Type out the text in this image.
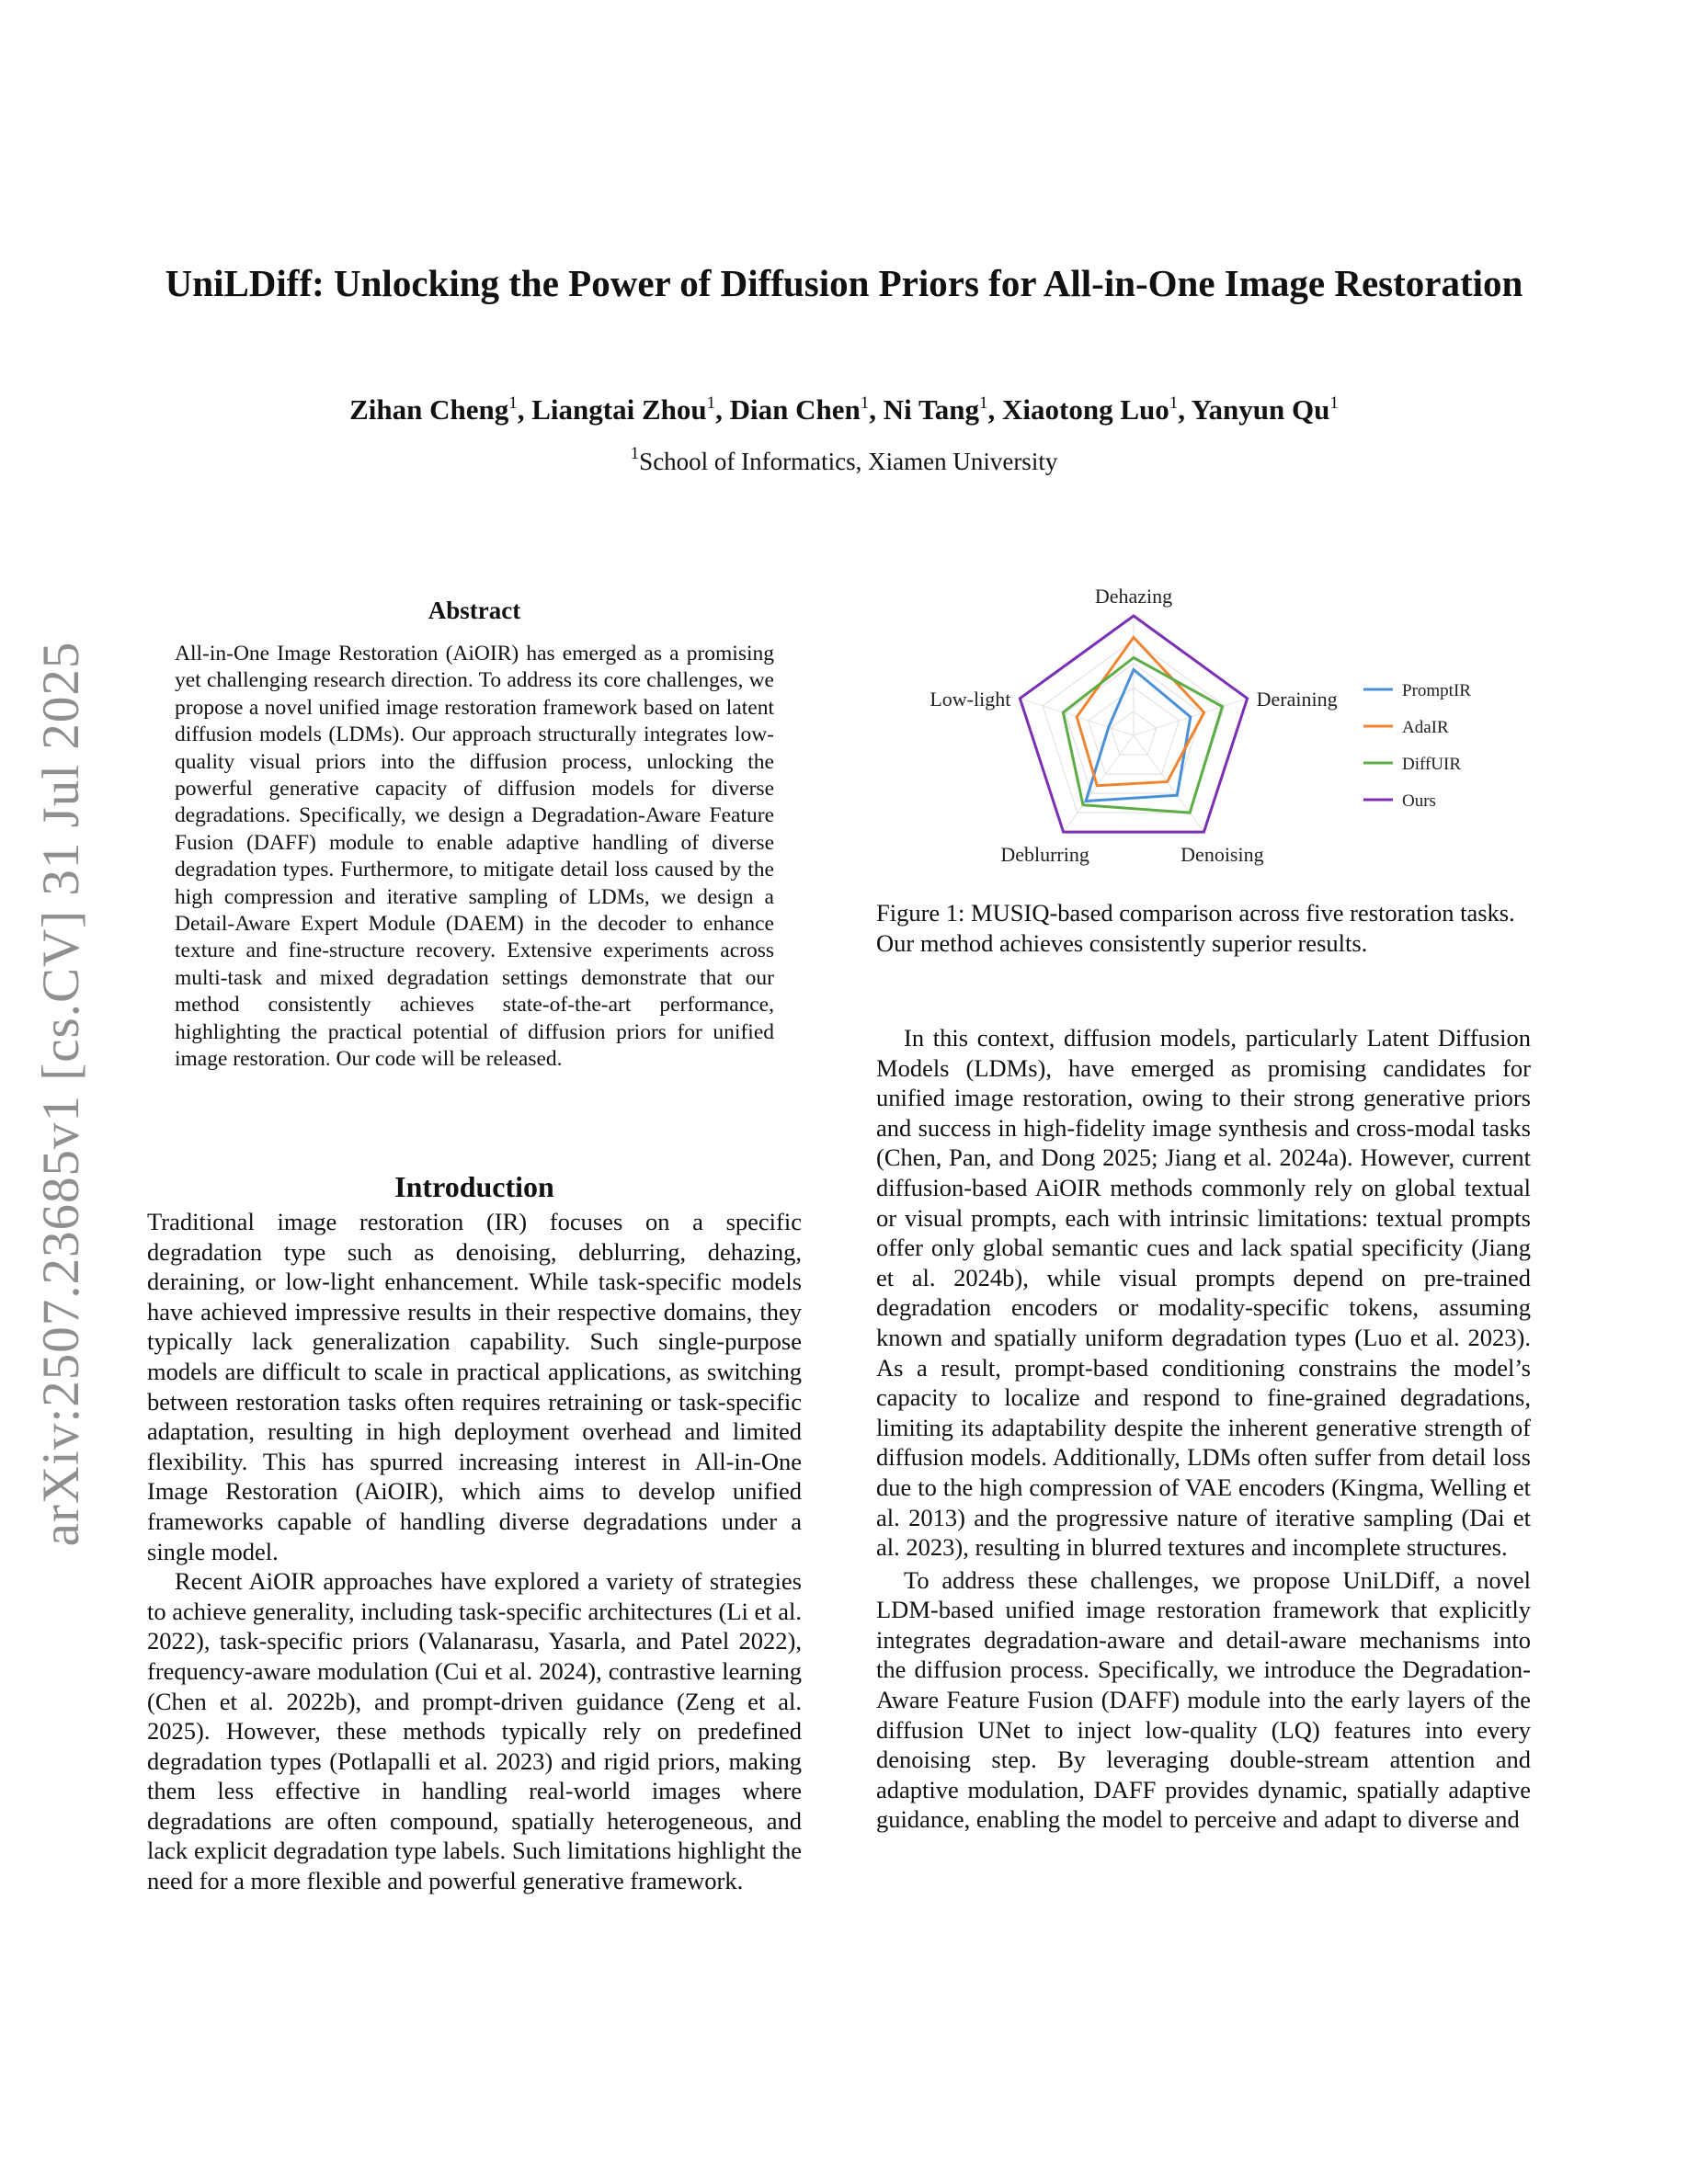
arXiv:2507.23685v1 [cs.CV] 31 Jul 2025
UniLDiff: Unlocking the Power of Diffusion Priors for All-in-One Image Restoration

Zihan Cheng$^1$, Liangtai Zhou$^1$, Dian Chen$^1$, Ni Tang$^1$, Xiaotong Luo$^1$, Yanyun Qu$^1$

$^1$School of Informatics, Xiamen University

Abstract

All-in-One Image Restoration (AiOIR) has emerged as a promising yet challenging research direction. To address its core challenges, we propose a novel unified image restoration framework based on latent diffusion models (LDMs). Our approach structurally integrates low-quality visual priors into the diffusion process, unlocking the powerful generative capacity of diffusion models for diverse degradations. Specifically, we design a Degradation-Aware Feature Fusion (DAFF) module to enable adaptive handling of diverse degradation types. Furthermore, to mitigate detail loss caused by the high compression and iterative sampling of LDMs, we design a Detail-Aware Expert Module (DAEM) in the decoder to enhance texture and fine-structure recovery. Extensive experiments across multi-task and mixed degradation settings demonstrate that our method consistently achieves state-of-the-art performance, highlighting the practical potential of diffusion priors for unified image restoration. Our code will be released.

Introduction

Traditional image restoration (IR) focuses on a specific degradation type such as denoising, deblurring, dehazing, deraining, or low-light enhancement. While task-specific models have achieved impressive results in their respective domains, they typically lack generalization capability. Such single-purpose models are difficult to scale in practical applications, as switching between restoration tasks often requires retraining or task-specific adaptation, resulting in high deployment overhead and limited flexibility. This has spurred increasing interest in All-in-One Image Restoration (AiOIR), which aims to develop unified frameworks capable of handling diverse degradations under a single model.

Recent AiOIR approaches have explored a variety of strategies to achieve generality, including task-specific architectures (Li et al. 2022), task-specific priors (Valanarasu, Yasarla, and Patel 2022), frequency-aware modulation (Cui et al. 2024), contrastive learning (Chen et al. 2022b), and prompt-driven guidance (Zeng et al. 2025). However, these methods typically rely on predefined degradation types (Potlapalli et al. 2023) and rigid priors, making them less effective in handling real-world images where degradations are often compound, spatially heterogeneous, and lack explicit degradation type labels. Such limitations highlight the need for a more flexible and powerful generative framework.

Dehazing
Deraining
Denoising
Deblurring
Low-light	PromptIR
AdaIR
DiffUIR
Ours

Figure 1: MUSIQ-based comparison across five restoration tasks. Our method achieves consistently superior results.

In this context, diffusion models, particularly Latent Diffusion Models (LDMs), have emerged as promising candidates for unified image restoration, owing to their strong generative priors and success in high-fidelity image synthesis and cross-modal tasks (Chen, Pan, and Dong 2025; Jiang et al. 2024a). However, current diffusion-based AiOIR methods commonly rely on global textual or visual prompts, each with intrinsic limitations: textual prompts offer only global semantic cues and lack spatial specificity (Jiang et al. 2024b), while visual prompts depend on pre-trained degradation encoders or modality-specific tokens, assuming known and spatially uniform degradation types (Luo et al. 2023). As a result, prompt-based conditioning constrains the model’s capacity to localize and respond to fine-grained degradations, limiting its adaptability despite the inherent generative strength of diffusion models. Additionally, LDMs often suffer from detail loss due to the high compression of VAE encoders (Kingma, Welling et al. 2013) and the progressive nature of iterative sampling (Dai et al. 2023), resulting in blurred textures and incomplete structures.

To address these challenges, we propose UniLDiff, a novel LDM-based unified image restoration framework that explicitly integrates degradation-aware and detail-aware mechanisms into the diffusion process. Specifically, we introduce the Degradation-Aware Feature Fusion (DAFF) module into the early layers of the diffusion UNet to inject low-quality (LQ) features into every denoising step. By leveraging double-stream attention and adaptive modulation, DAFF provides dynamic, spatially adaptive guidance, enabling the model to perceive and adapt to diverse and
